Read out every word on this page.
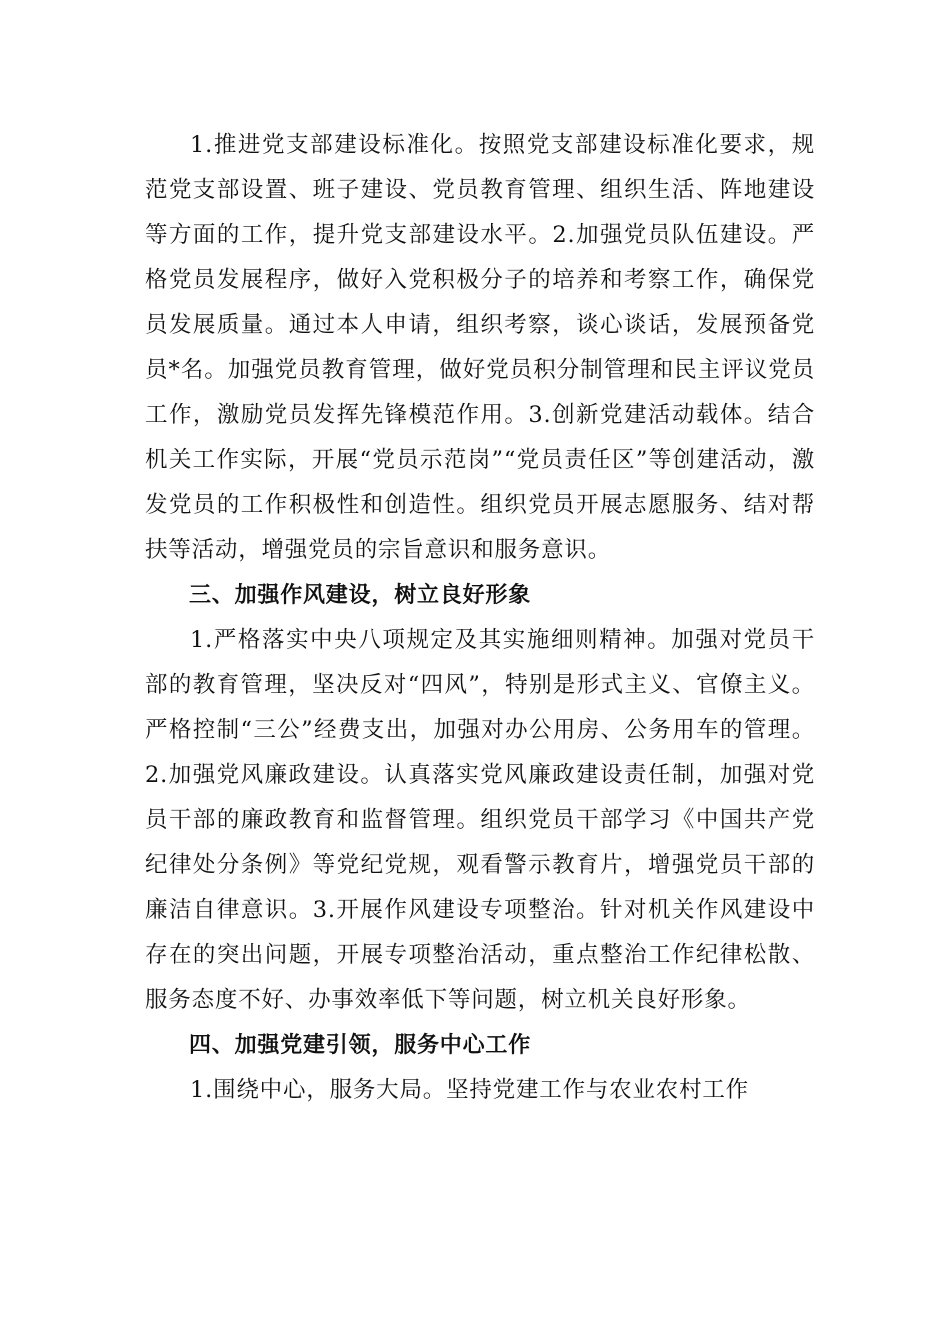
1.推进党支部建设标准化。按照党支部建设标准化要求，规范党支部设置、班子建设、党员教育管理、组织生活、阵地建设等方面的工作，提升党支部建设水平。2.加强党员队伍建设。严格党员发展程序，做好入党积极分子的培养和考察工作，确保党员发展质量。通过本人申请，组织考察，谈心谈话，发展预备党员*名。加强党员教育管理，做好党员积分制管理和民主评议党员工作，激励党员发挥先锋模范作用。3.创新党建活动载体。结合机关工作实际，开展“党员示范岗”“党员责任区”等创建活动，激发党员的工作积极性和创造性。组织党员开展志愿服务、结对帮扶等活动，增强党员的宗旨意识和服务意识。

三、加强作风建设，树立良好形象

1.严格落实中央八项规定及其实施细则精神。加强对党员干部的教育管理，坚决反对“四风”，特别是形式主义、官僚主义。严格控制“三公”经费支出，加强对办公用房、公务用车的管理。2.加强党风廉政建设。认真落实党风廉政建设责任制，加强对党员干部的廉政教育和监督管理。组织党员干部学习《中国共产党纪律处分条例》等党纪党规，观看警示教育片，增强党员干部的廉洁自律意识。3.开展作风建设专项整治。针对机关作风建设中存在的突出问题，开展专项整治活动，重点整治工作纪律松散、服务态度不好、办事效率低下等问题，树立机关良好形象。

四、加强党建引领，服务中心工作

1.围绕中心，服务大局。坚持党建工作与农业农村工作
